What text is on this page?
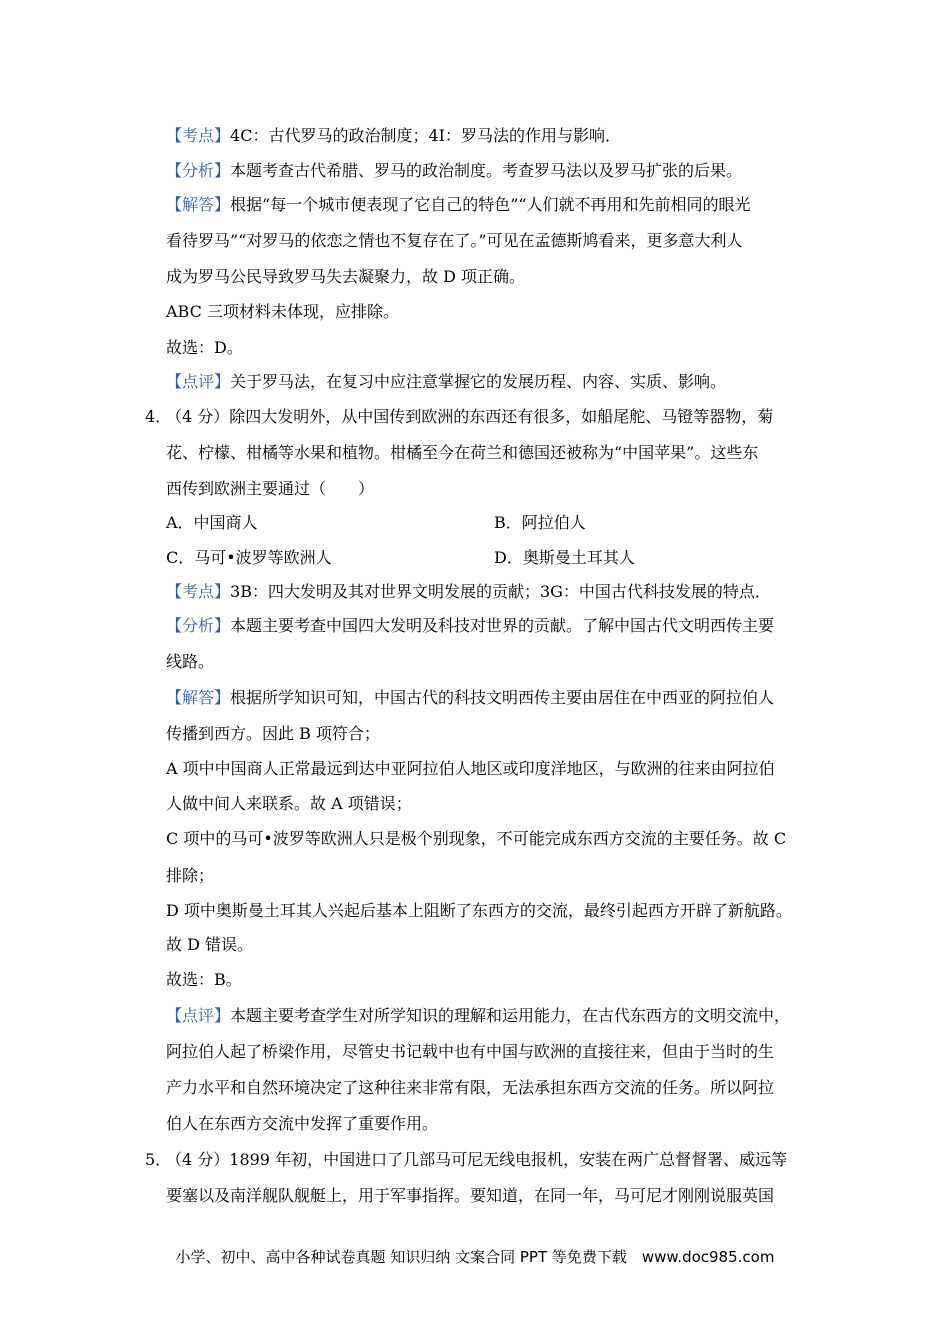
【考点】4C：古代罗马的政治制度；4I：罗马法的作用与影响．
【分析】本题考查古代希腊、罗马的政治制度。考查罗马法以及罗马扩张的后果。
【解答】根据“每一个城市便表现了它自己的特色”“人们就不再用和先前相同的眼光
看待罗马”“对罗马的依恋之情也不复存在了。”可见在孟德斯鸠看来，更多意大利人
成为罗马公民导致罗马失去凝聚力，故 D 项正确。
ABC 三项材料未体现，应排除。
故选：D。
【点评】关于罗马法，在复习中应注意掌握它的发展历程、内容、实质、影响。
4．
（4 分）除四大发明外，从中国传到欧洲的东西还有很多，如船尾舵、马镫等器物，菊
花、柠檬、柑橘等水果和植物。柑橘至今在荷兰和德国还被称为“中国苹果”。这些东
西传到欧洲主要通过（　　）
A．中国商人	B．阿拉伯人
C．马可•波罗等欧洲人	D．奥斯曼土耳其人
【考点】3B：四大发明及其对世界文明发展的贡献；3G：中国古代科技发展的特点．
【分析】本题主要考查中国四大发明及科技对世界的贡献。了解中国古代文明西传主要
线路。
【解答】根据所学知识可知，中国古代的科技文明西传主要由居住在中西亚的阿拉伯人
传播到西方。因此 B 项符合；
A 项中中国商人正常最远到达中亚阿拉伯人地区或印度洋地区，与欧洲的往来由阿拉伯
人做中间人来联系。故 A 项错误；
C 项中的马可•波罗等欧洲人只是极个别现象，不可能完成东西方交流的主要任务。故 C
排除；
D 项中奥斯曼土耳其人兴起后基本上阻断了东西方的交流，最终引起西方开辟了新航路。
故 D 错误。
故选：B。
【点评】本题主要考查学生对所学知识的理解和运用能力，在古代东西方的文明交流中，
阿拉伯人起了桥梁作用，尽管史书记载中也有中国与欧洲的直接往来，但由于当时的生
产力水平和自然环境决定了这种往来非常有限，无法承担东西方交流的任务。所以阿拉
伯人在东西方交流中发挥了重要作用。
5．
（4 分）1899 年初，中国进口了几部马可尼无线电报机，安装在两广总督督署、威远等
要塞以及南洋舰队舰艇上，用于军事指挥。要知道，在同一年，马可尼才刚刚说服英国
小学、初中、高中各种试卷真题 知识归纳 文案合同 PPT 等免费下载　www.doc985.com
